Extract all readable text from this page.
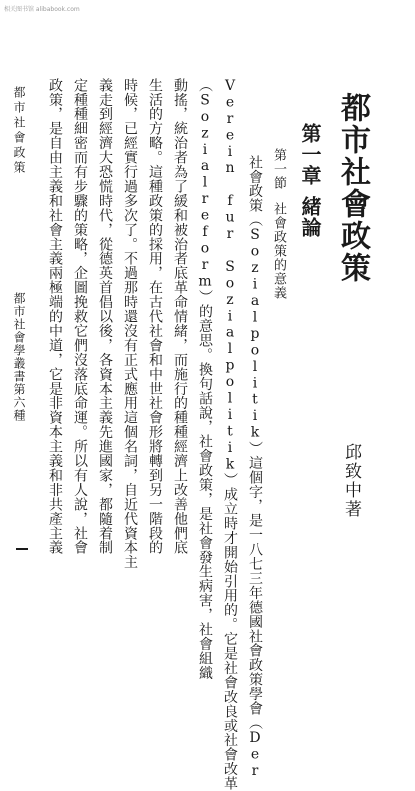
相关图书馆 alibabook.com
都市社會政策
邱致中著
第一章緒論
第一節社會政策的意義
社會政策（Sozialpolitik）這個字，是一八七三年德國社會政策學會（Der
Verein fur Sozialpolitik）成立時才開始引用的。它是社會改良或社會改革
（Sozialreform）的意思。換句話說，社會政策，是社會發生病害，社會組織
動搖，統治者為了緩和被治者底革命情緒，而施行的種種經濟上改善他們底
生活的方略。這種政策的採用，在古代社會和中世社會形將轉到另一階段的
時候，已經實行過多次了。不過那時還沒有正式應用這個名詞，自近代資本主
義走到經濟大恐慌時代，從德英首倡以後，各資本主義先進國家，都隨着制
定種種細密而有步驟的策略，企圖挽救它們沒落底命運。所以有人說，社會
政策，是自由主義和社會主義兩極端的中道，它是非資本主義和非共產主義
都市社會政策
都市社會學叢書第六種
